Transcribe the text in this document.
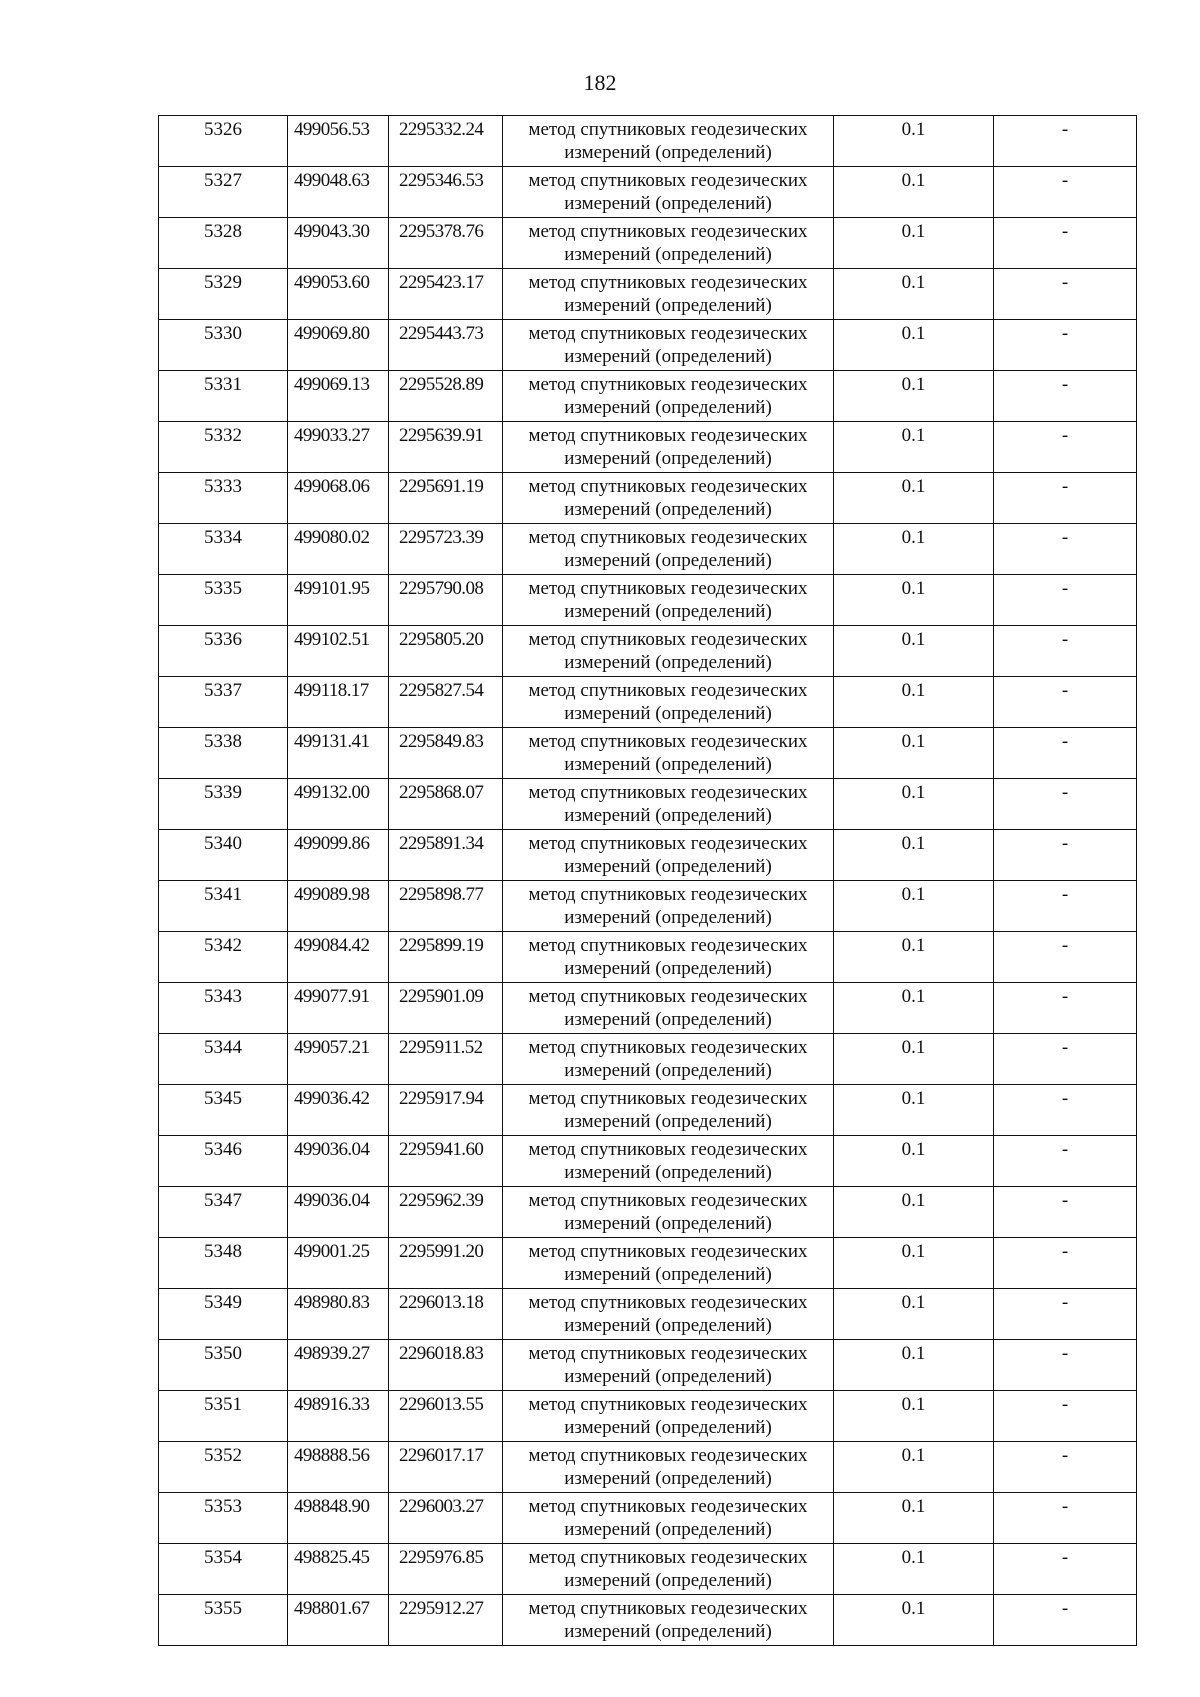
182
5326	499056.53	2295332.24	метод спутниковых геодезических
измерений (определений)	0.1	-
5327	499048.63	2295346.53	метод спутниковых геодезических
измерений (определений)	0.1	-
5328	499043.30	2295378.76	метод спутниковых геодезических
измерений (определений)	0.1	-
5329	499053.60	2295423.17	метод спутниковых геодезических
измерений (определений)	0.1	-
5330	499069.80	2295443.73	метод спутниковых геодезических
измерений (определений)	0.1	-
5331	499069.13	2295528.89	метод спутниковых геодезических
измерений (определений)	0.1	-
5332	499033.27	2295639.91	метод спутниковых геодезических
измерений (определений)	0.1	-
5333	499068.06	2295691.19	метод спутниковых геодезических
измерений (определений)	0.1	-
5334	499080.02	2295723.39	метод спутниковых геодезических
измерений (определений)	0.1	-
5335	499101.95	2295790.08	метод спутниковых геодезических
измерений (определений)	0.1	-
5336	499102.51	2295805.20	метод спутниковых геодезических
измерений (определений)	0.1	-
5337	499118.17	2295827.54	метод спутниковых геодезических
измерений (определений)	0.1	-
5338	499131.41	2295849.83	метод спутниковых геодезических
измерений (определений)	0.1	-
5339	499132.00	2295868.07	метод спутниковых геодезических
измерений (определений)	0.1	-
5340	499099.86	2295891.34	метод спутниковых геодезических
измерений (определений)	0.1	-
5341	499089.98	2295898.77	метод спутниковых геодезических
измерений (определений)	0.1	-
5342	499084.42	2295899.19	метод спутниковых геодезических
измерений (определений)	0.1	-
5343	499077.91	2295901.09	метод спутниковых геодезических
измерений (определений)	0.1	-
5344	499057.21	2295911.52	метод спутниковых геодезических
измерений (определений)	0.1	-
5345	499036.42	2295917.94	метод спутниковых геодезических
измерений (определений)	0.1	-
5346	499036.04	2295941.60	метод спутниковых геодезических
измерений (определений)	0.1	-
5347	499036.04	2295962.39	метод спутниковых геодезических
измерений (определений)	0.1	-
5348	499001.25	2295991.20	метод спутниковых геодезических
измерений (определений)	0.1	-
5349	498980.83	2296013.18	метод спутниковых геодезических
измерений (определений)	0.1	-
5350	498939.27	2296018.83	метод спутниковых геодезических
измерений (определений)	0.1	-
5351	498916.33	2296013.55	метод спутниковых геодезических
измерений (определений)	0.1	-
5352	498888.56	2296017.17	метод спутниковых геодезических
измерений (определений)	0.1	-
5353	498848.90	2296003.27	метод спутниковых геодезических
измерений (определений)	0.1	-
5354	498825.45	2295976.85	метод спутниковых геодезических
измерений (определений)	0.1	-
5355	498801.67	2295912.27	метод спутниковых геодезических
измерений (определений)	0.1	-
